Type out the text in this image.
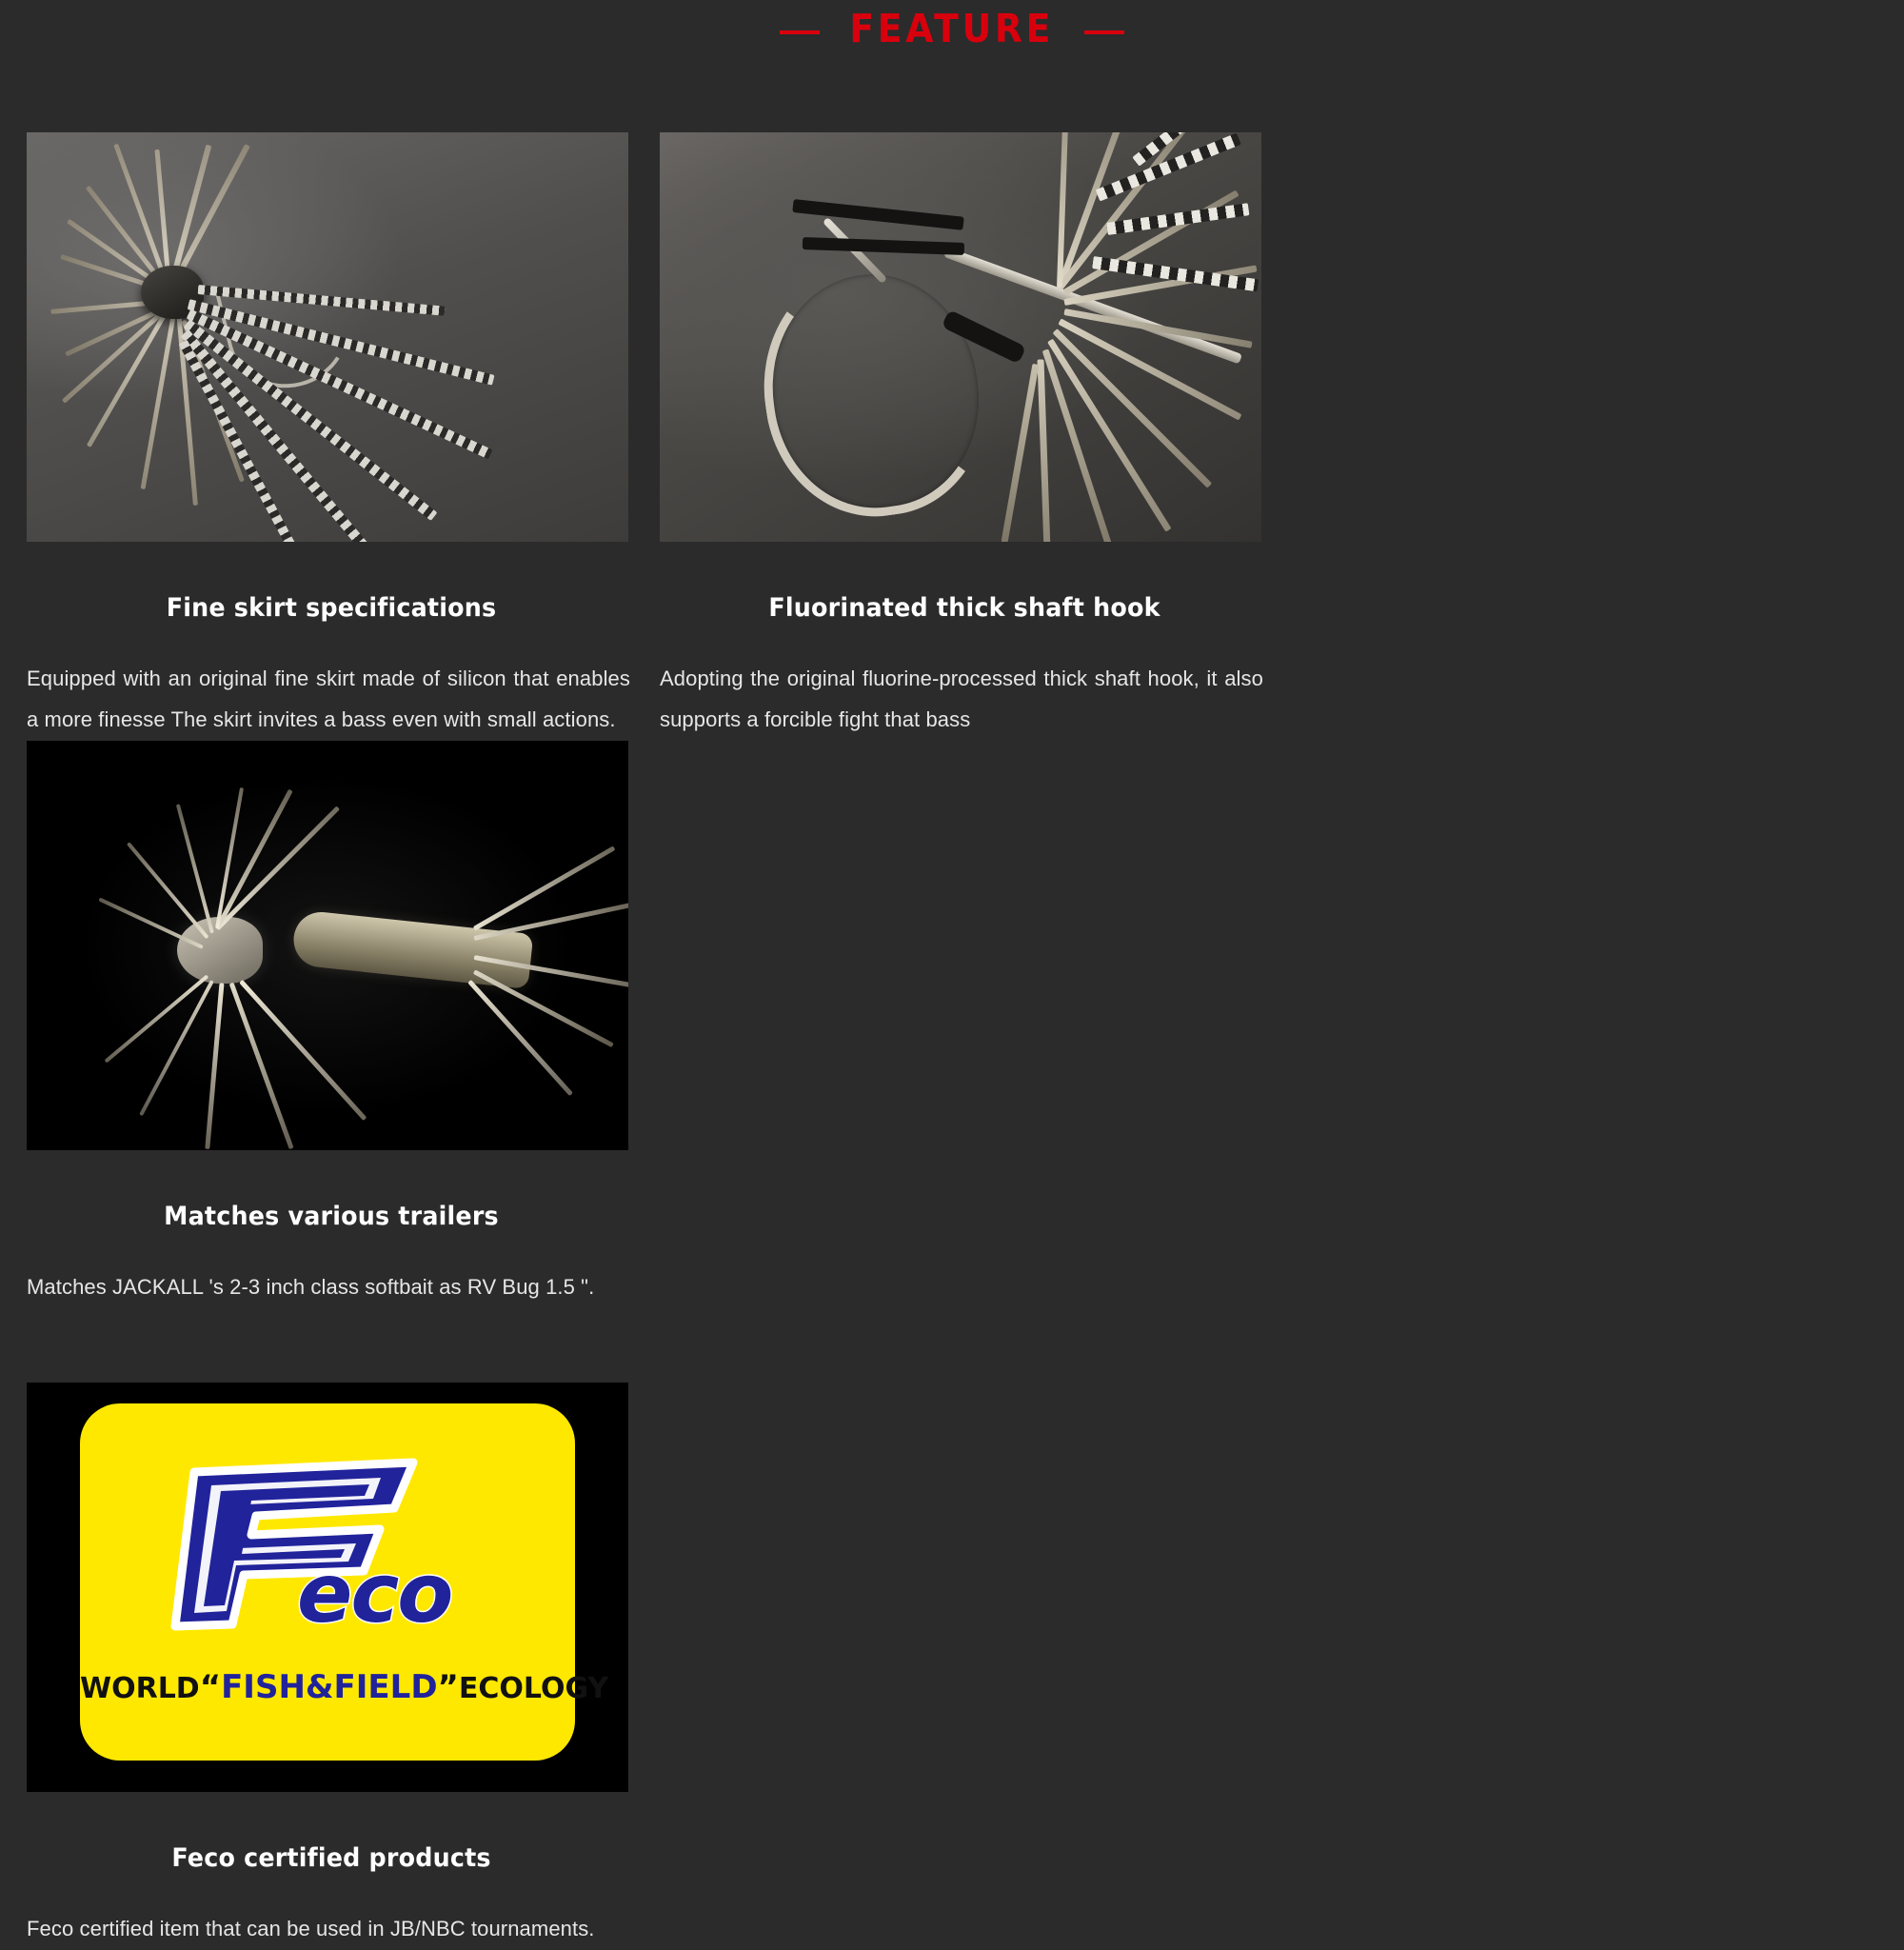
FEATURE
Fine skirt specifications
Equipped with an original fine skirt made of silicon that enables a more finesse The skirt invites a bass even with small actions.
Fluorinated thick shaft hook
Adopting the original fluorine-processed thick shaft hook, it also supports a forcible fight that bass
Matches various trailers
Matches JACKALL 's 2-3 inch class softbait as RV Bug 1.5 ".
eco
WORLD“FISH&FIELD”ECOLOGY
Feco certified products
Feco certified item that can be used in JB/NBC tournaments.
